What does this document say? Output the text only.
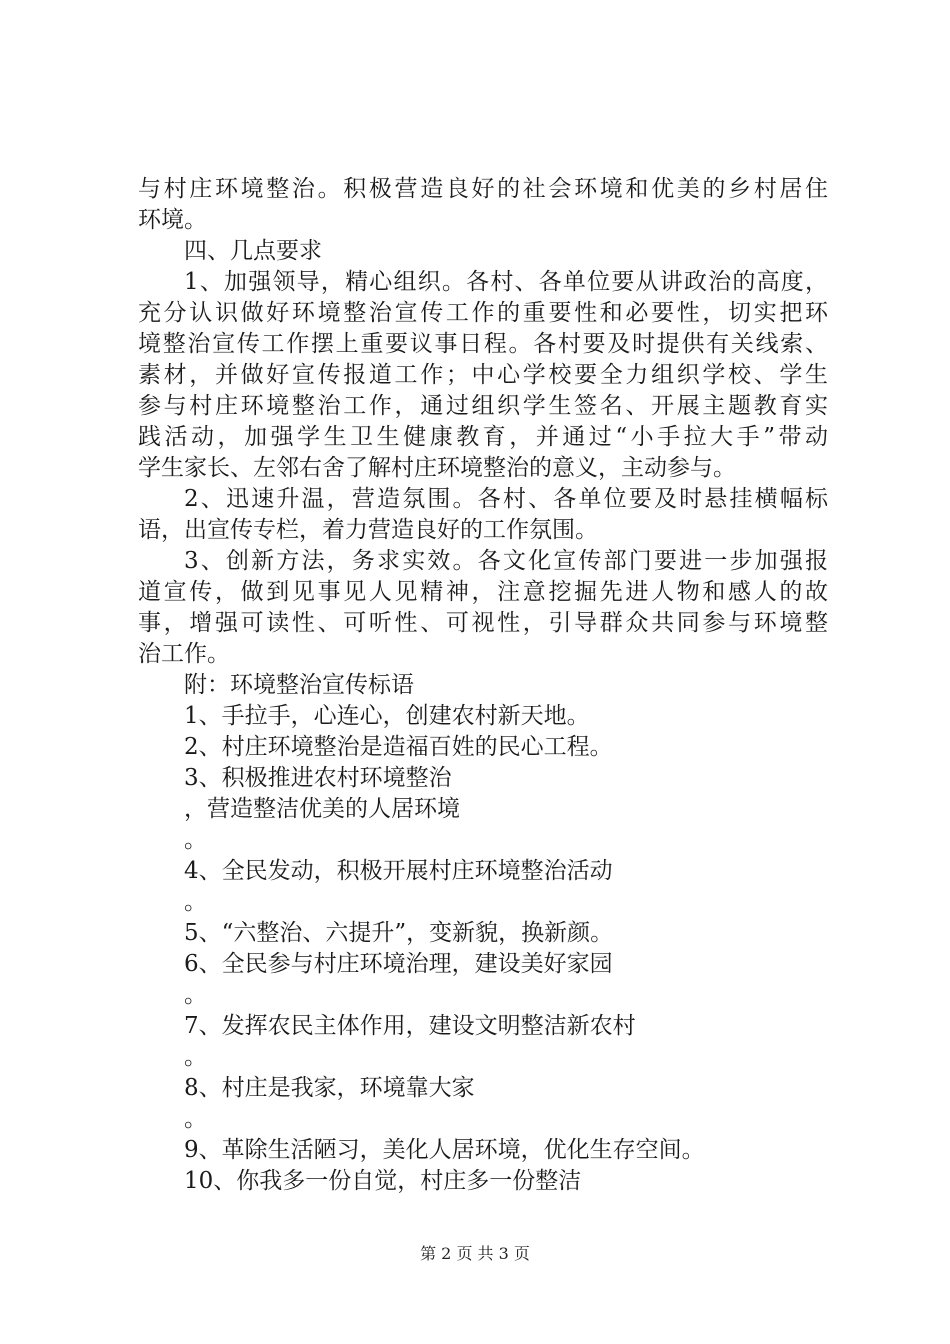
与村庄环境整治。积极营造良好的社会环境和优美的乡村居住
环境。
四、几点要求
1、加强领导，精心组织。各村、各单位要从讲政治的高度，
充分认识做好环境整治宣传工作的重要性和必要性，切实把环
境整治宣传工作摆上重要议事日程。各村要及时提供有关线索、
素材，并做好宣传报道工作；中心学校要全力组织学校、学生
参与村庄环境整治工作，通过组织学生签名、开展主题教育实
践活动，加强学生卫生健康教育，并通过“小手拉大手”带动
学生家长、左邻右舍了解村庄环境整治的意义，主动参与。
2、迅速升温，营造氛围。各村、各单位要及时悬挂横幅标
语，出宣传专栏，着力营造良好的工作氛围。
3、创新方法，务求实效。各文化宣传部门要进一步加强报
道宣传，做到见事见人见精神，注意挖掘先进人物和感人的故
事，增强可读性、可听性、可视性，引导群众共同参与环境整
治工作。
附：环境整治宣传标语
1、手拉手，心连心，创建农村新天地。
2、村庄环境整治是造福百姓的民心工程。
3、积极推进农村环境整治
，营造整洁优美的人居环境
。
4、全民发动，积极开展村庄环境整治活动
。
5、“六整治、六提升”，变新貌，换新颜。
6、全民参与村庄环境治理，建设美好家园
。
7、发挥农民主体作用，建设文明整洁新农村
。
8、村庄是我家，环境靠大家
。
9、革除生活陋习，美化人居环境，优化生存空间。
10、你我多一份自觉，村庄多一份整洁
第 2 页 共 3 页
